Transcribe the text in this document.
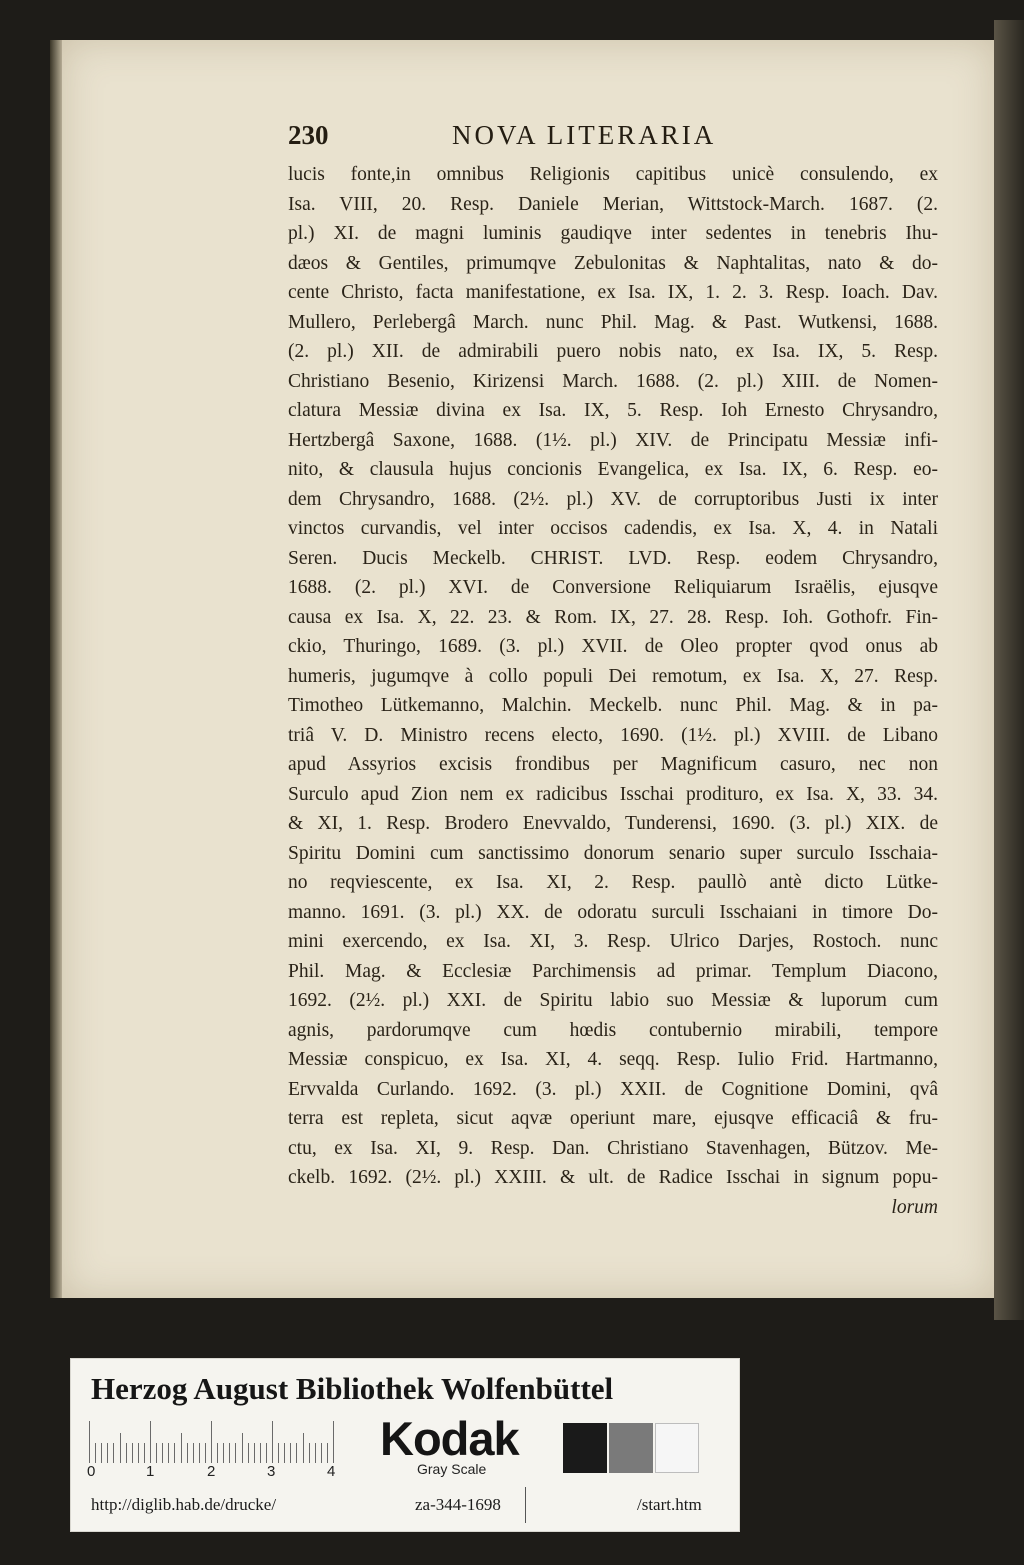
230	NOVA LITERARIA
lucis fonte,in omnibus Religionis capitibus unicè consulendo, ex
Isa. VIII, 20. Resp. Daniele Merian, Wittstock-March. 1687. (2.
pl.) XI. de magni luminis gaudiqve inter sedentes in tenebris Ihu-
dæos & Gentiles, primumqve Zebulonitas & Naphtalitas, nato & do-
cente Christo, facta manifestatione, ex Isa. IX, 1. 2. 3. Resp. Ioach. Dav.
Mullero, Perlebergâ March. nunc Phil. Mag. & Past. Wutkensi, 1688.
(2. pl.) XII. de admirabili puero nobis nato, ex Isa. IX, 5. Resp.
Christiano Besenio, Kirizensi March. 1688. (2. pl.) XIII. de Nomen-
clatura Messiæ divina ex Isa. IX, 5. Resp. Ioh Ernesto Chrysandro,
Hertzbergâ Saxone, 1688. (1½. pl.) XIV. de Principatu Messiæ infi-
nito, & clausula hujus concionis Evangelica, ex Isa. IX, 6. Resp. eo-
dem Chrysandro, 1688. (2½. pl.) XV. de corruptoribus Justi ix inter
vinctos curvandis, vel inter occisos cadendis, ex Isa. X, 4. in Natali
Seren. Ducis Meckelb. CHRIST. LVD. Resp. eodem Chrysandro,
1688. (2. pl.) XVI. de Conversione Reliquiarum Israëlis, ejusqve
causa ex Isa. X, 22. 23. & Rom. IX, 27. 28. Resp. Ioh. Gothofr. Fin-
ckio, Thuringo, 1689. (3. pl.) XVII. de Oleo propter qvod onus ab
humeris, jugumqve à collo populi Dei remotum, ex Isa. X, 27. Resp.
Timotheo Lütkemanno, Malchin. Meckelb. nunc Phil. Mag. & in pa-
triâ V. D. Ministro recens electo, 1690. (1½. pl.) XVIII. de Libano
apud Assyrios excisis frondibus per Magnificum casuro, nec non
Surculo apud Zion nem ex radicibus Isschai prodituro, ex Isa. X, 33. 34.
& XI, 1. Resp. Brodero Enevvaldo, Tunderensi, 1690. (3. pl.) XIX. de
Spiritu Domini cum sanctissimo donorum senario super surculo Isschaia-
no reqviescente, ex Isa. XI, 2. Resp. paullò antè dicto Lütke-
manno. 1691. (3. pl.) XX. de odoratu surculi Isschaiani in timore Do-
mini exercendo, ex Isa. XI, 3. Resp. Ulrico Darjes, Rostoch. nunc
Phil. Mag. & Ecclesiæ Parchimensis ad primar. Templum Diacono,
1692. (2½. pl.) XXI. de Spiritu labio suo Messiæ & luporum cum
agnis, pardorumqve cum hœdis contubernio mirabili, tempore
Messiæ conspicuo, ex Isa. XI, 4. seqq. Resp. Iulio Frid. Hartmanno,
Ervvalda Curlando. 1692. (3. pl.) XXII. de Cognitione Domini, qvâ
terra est repleta, sicut aqvæ operiunt mare, ejusqve efficaciâ & fru-
ctu, ex Isa. XI, 9. Resp. Dan. Christiano Stavenhagen, Bützov. Me-
ckelb. 1692. (2½. pl.) XXIII. & ult. de Radice Isschai in signum popu-
lorum
Herzog August Bibliothek Wolfenbüttel
0	1	2	3	4
Kodak
Gray Scale
http://diglib.hab.de/drucke/	za-344-1698	/start.htm
